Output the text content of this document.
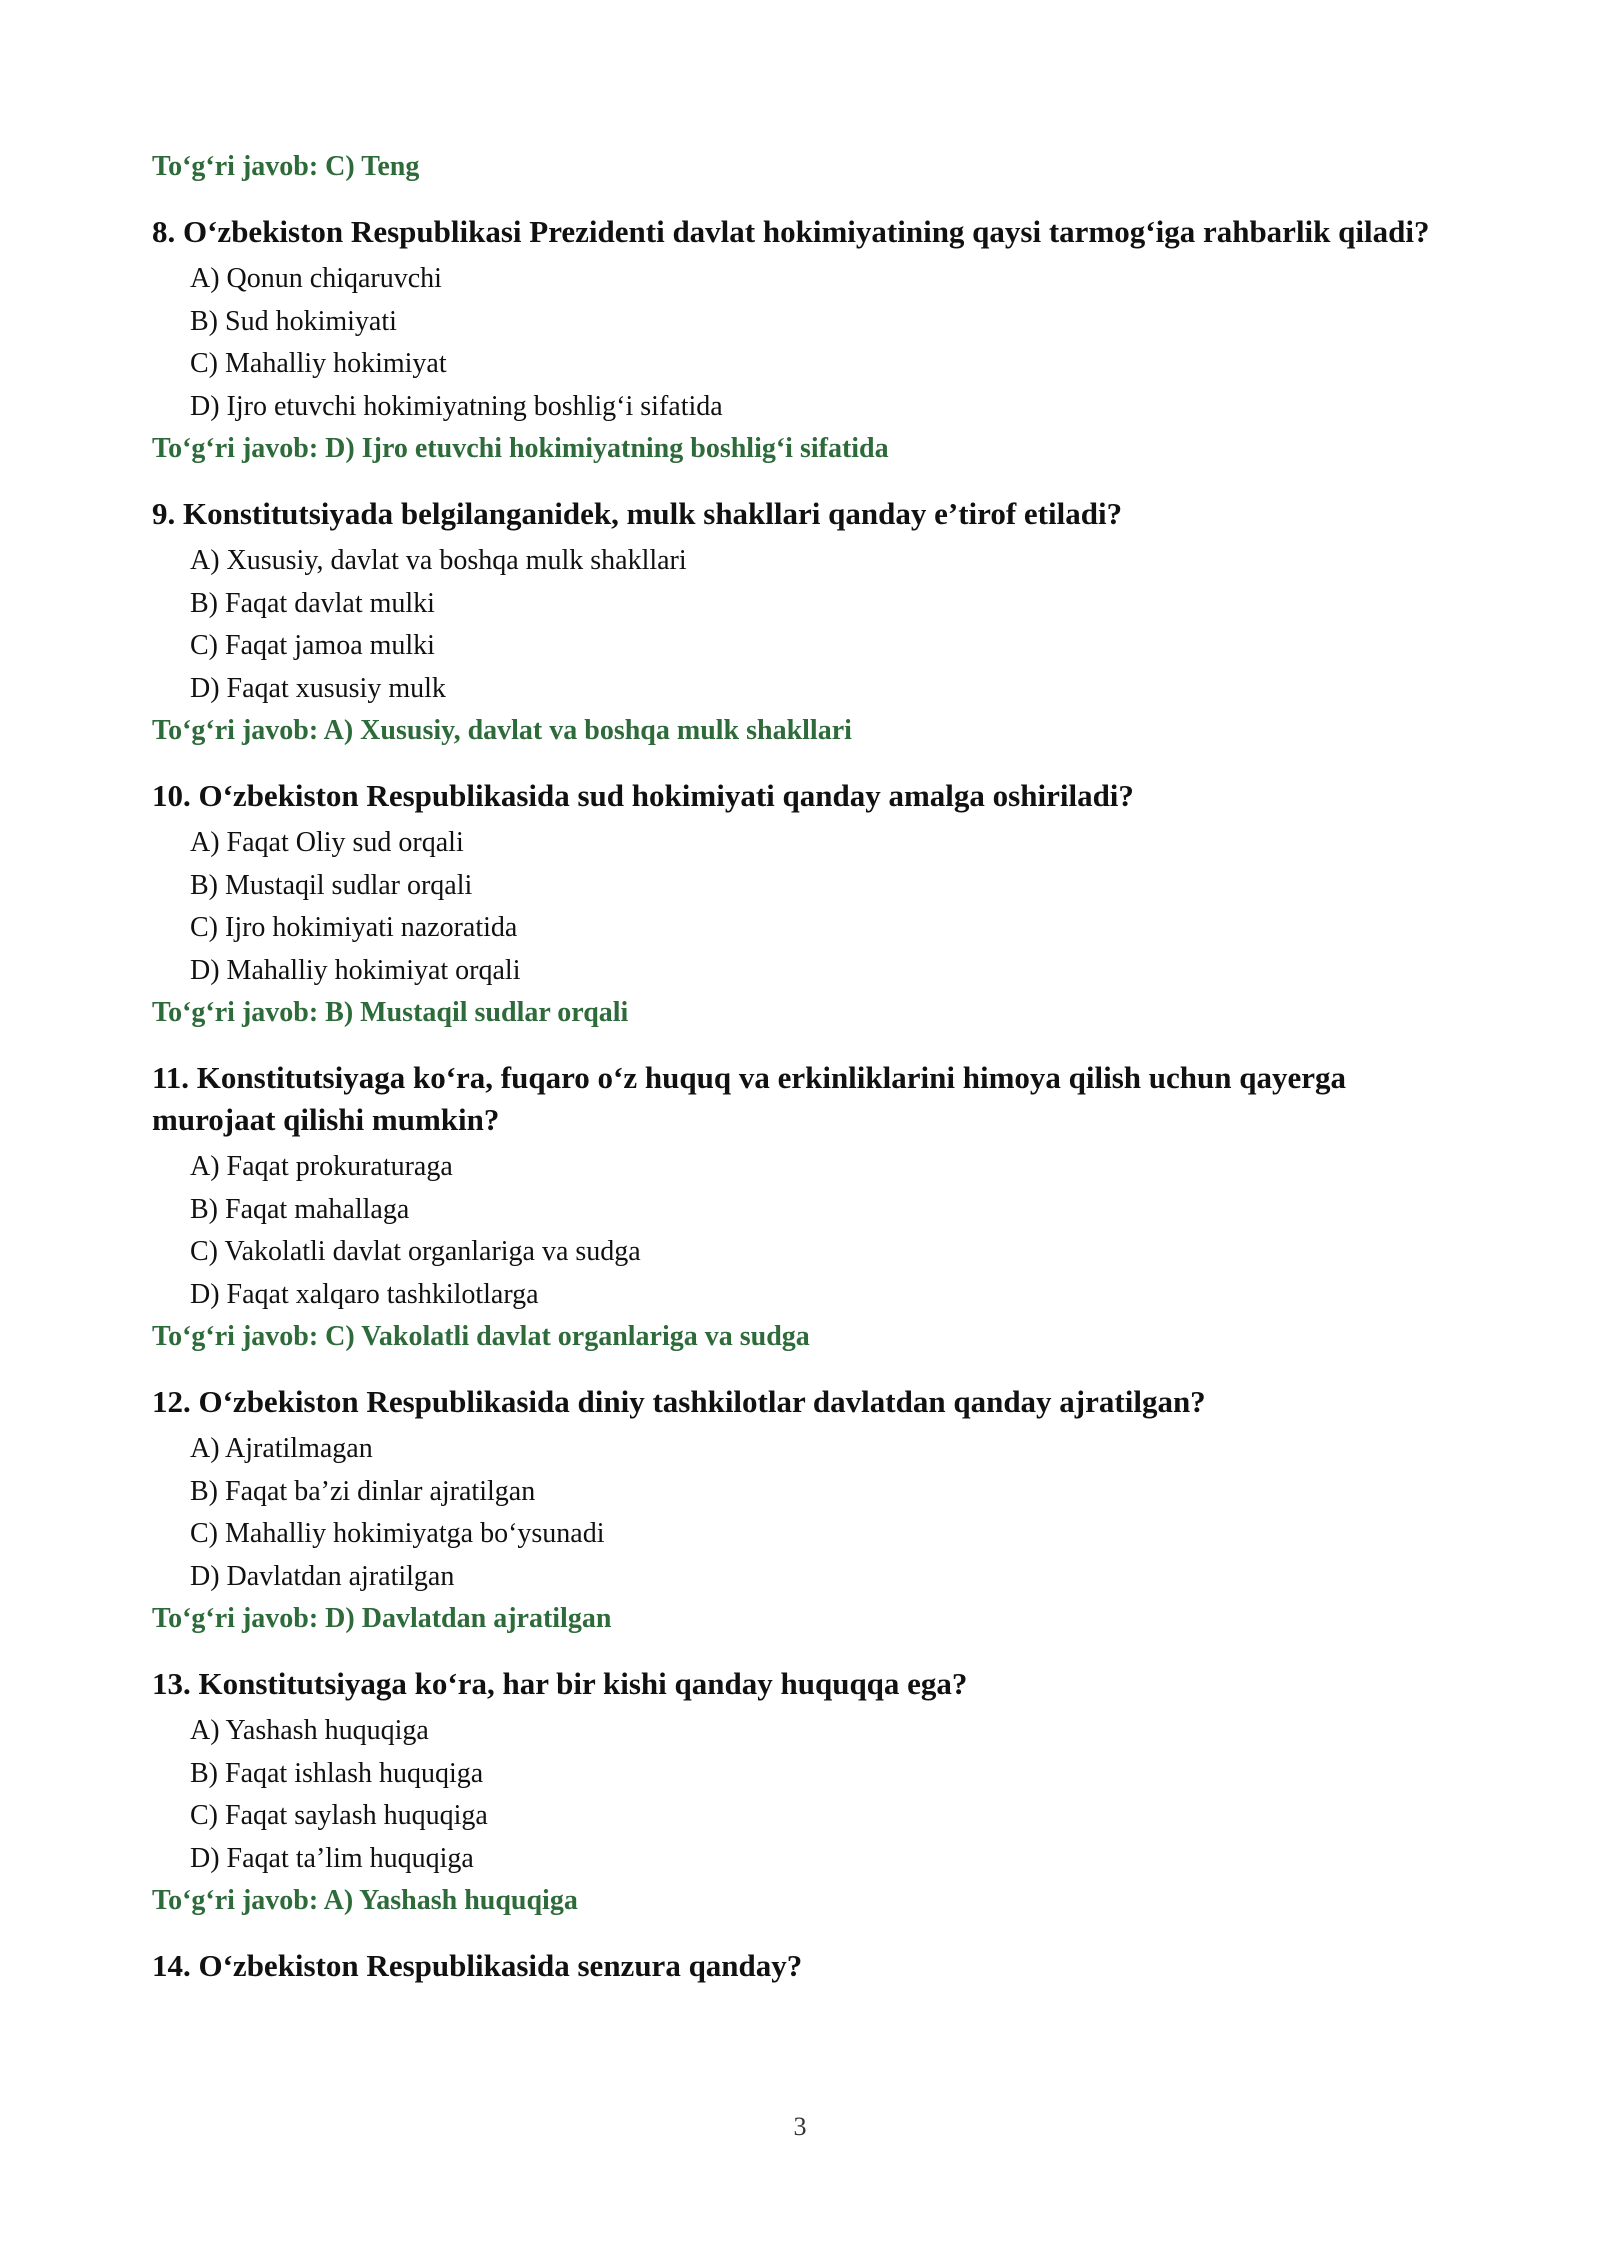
To‘g‘ri javob: C) Teng

8. O‘zbekiston Respublikasi Prezidenti davlat hokimiyatining qaysi tarmog‘iga rahbarlik qiladi?

A) Qonun chiqaruvchi
B) Sud hokimiyati
C) Mahalliy hokimiyat
D) Ijro etuvchi hokimiyatning boshlig‘i sifatida

To‘g‘ri javob: D) Ijro etuvchi hokimiyatning boshlig‘i sifatida

9. Konstitutsiyada belgilanganidek, mulk shakllari qanday e’tirof etiladi?

A) Xususiy, davlat va boshqa mulk shakllari
B) Faqat davlat mulki
C) Faqat jamoa mulki
D) Faqat xususiy mulk

To‘g‘ri javob: A) Xususiy, davlat va boshqa mulk shakllari

10. O‘zbekiston Respublikasida sud hokimiyati qanday amalga oshiriladi?

A) Faqat Oliy sud orqali
B) Mustaqil sudlar orqali
C) Ijro hokimiyati nazoratida
D) Mahalliy hokimiyat orqali

To‘g‘ri javob: B) Mustaqil sudlar orqali

11. Konstitutsiyaga ko‘ra, fuqaro o‘z huquq va erkinliklarini himoya qilish uchun qayerga murojaat qilishi mumkin?

A) Faqat prokuraturaga
B) Faqat mahallaga
C) Vakolatli davlat organlariga va sudga
D) Faqat xalqaro tashkilotlarga

To‘g‘ri javob: C) Vakolatli davlat organlariga va sudga

12. O‘zbekiston Respublikasida diniy tashkilotlar davlatdan qanday ajratilgan?

A) Ajratilmagan
B) Faqat ba’zi dinlar ajratilgan
C) Mahalliy hokimiyatga bo‘ysunadi
D) Davlatdan ajratilgan

To‘g‘ri javob: D) Davlatdan ajratilgan

13. Konstitutsiyaga ko‘ra, har bir kishi qanday huquqqa ega?

A) Yashash huquqiga
B) Faqat ishlash huquqiga
C) Faqat saylash huquqiga
D) Faqat ta’lim huquqiga

To‘g‘ri javob: A) Yashash huquqiga

14. O‘zbekiston Respublikasida senzura qanday?

3
